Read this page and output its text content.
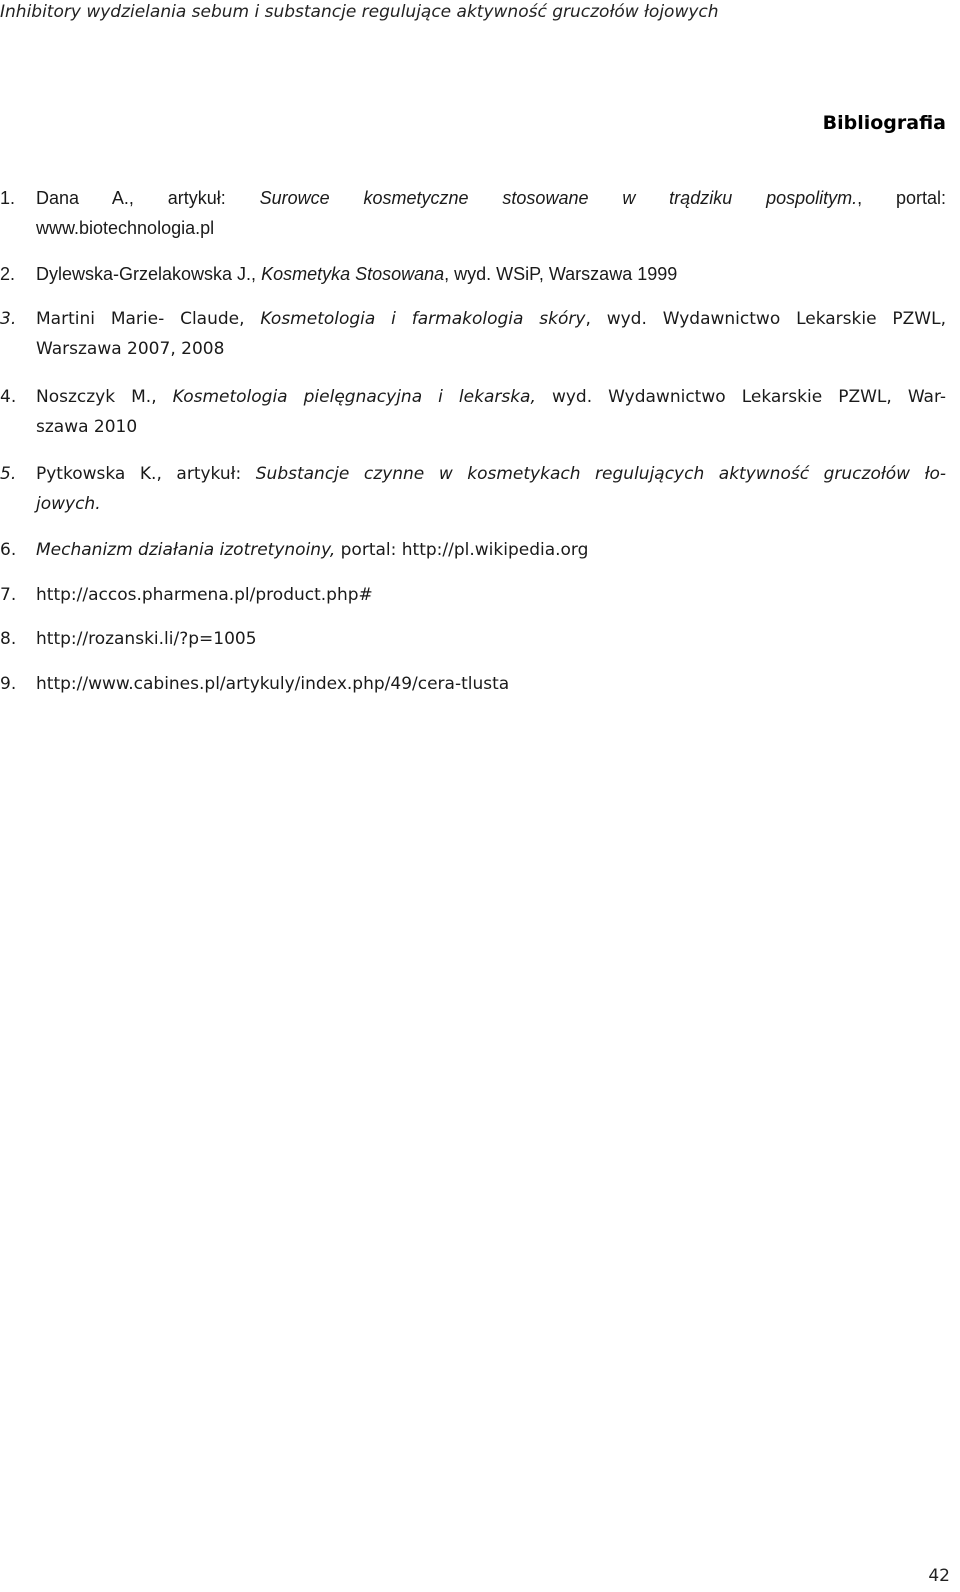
Inhibitory wydzielania sebum i substancje regulujące aktywność gruczołów łojowych
Bibliografia
1. Dana A., artykuł: Surowce kosmetyczne stosowane w trądziku pospolitym., portal:
www.biotechnologia.pl
2. Dylewska-Grzelakowska J., Kosmetyka Stosowana, wyd. WSiP, Warszawa 1999
3. Martini Marie- Claude, Kosmetologia i farmakologia skóry, wyd. Wydawnictwo Lekarskie PZWL,
Warszawa 2007, 2008
4. Noszczyk M., Kosmetologia pielęgnacyjna i lekarska, wyd. Wydawnictwo Lekarskie PZWL, War-
szawa 2010
5. Pytkowska K., artykuł: Substancje czynne w kosmetykach regulujących aktywność gruczołów ło-
jowych.
6. Mechanizm działania izotretynoiny, portal: http://pl.wikipedia.org
7. http://accos.pharmena.pl/product.php#
8. http://rozanski.li/?p=1005
9. http://www.cabines.pl/artykuly/index.php/49/cera-tlusta
42
